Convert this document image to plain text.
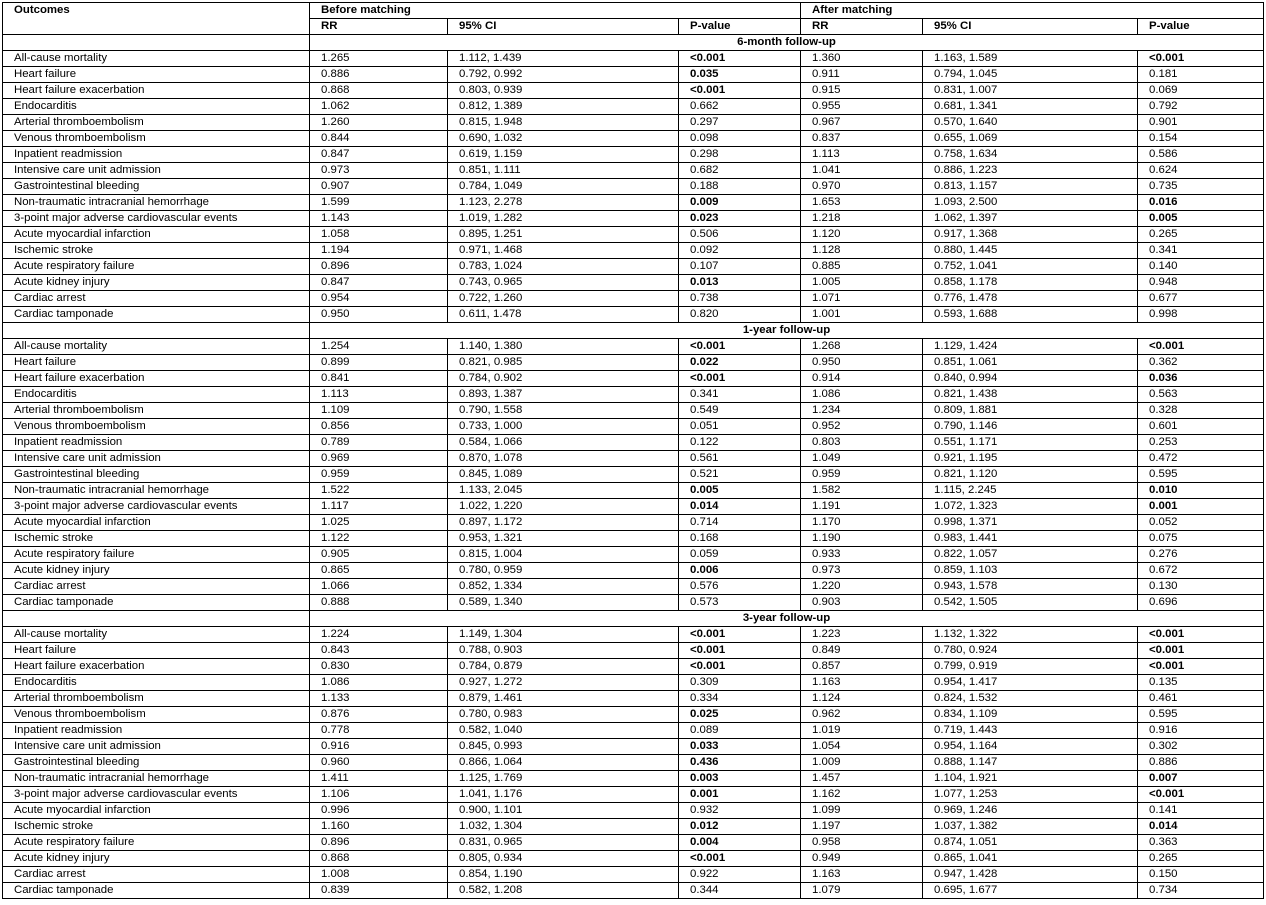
Outcomes	Before matching			After matching		
	RR	95% CI	P-value	RR	95% CI	P-value
	6-month follow-up					
All-cause mortality	1.265	1.112, 1.439	<0.001	1.360	1.163, 1.589	<0.001
Heart failure	0.886	0.792, 0.992	0.035	0.911	0.794, 1.045	0.181
Heart failure exacerbation	0.868	0.803, 0.939	<0.001	0.915	0.831, 1.007	0.069
Endocarditis	1.062	0.812, 1.389	0.662	0.955	0.681, 1.341	0.792
Arterial thromboembolism	1.260	0.815, 1.948	0.297	0.967	0.570, 1.640	0.901
Venous thromboembolism	0.844	0.690, 1.032	0.098	0.837	0.655, 1.069	0.154
Inpatient readmission	0.847	0.619, 1.159	0.298	1.113	0.758, 1.634	0.586
Intensive care unit admission	0.973	0.851, 1.111	0.682	1.041	0.886, 1.223	0.624
Gastrointestinal bleeding	0.907	0.784, 1.049	0.188	0.970	0.813, 1.157	0.735
Non-traumatic intracranial hemorrhage	1.599	1.123, 2.278	0.009	1.653	1.093, 2.500	0.016
3-point major adverse cardiovascular events	1.143	1.019, 1.282	0.023	1.218	1.062, 1.397	0.005
Acute myocardial infarction	1.058	0.895, 1.251	0.506	1.120	0.917, 1.368	0.265
Ischemic stroke	1.194	0.971, 1.468	0.092	1.128	0.880, 1.445	0.341
Acute respiratory failure	0.896	0.783, 1.024	0.107	0.885	0.752, 1.041	0.140
Acute kidney injury	0.847	0.743, 0.965	0.013	1.005	0.858, 1.178	0.948
Cardiac arrest	0.954	0.722, 1.260	0.738	1.071	0.776, 1.478	0.677
Cardiac tamponade	0.950	0.611, 1.478	0.820	1.001	0.593, 1.688	0.998
	1-year follow-up					
All-cause mortality	1.254	1.140, 1.380	<0.001	1.268	1.129, 1.424	<0.001
Heart failure	0.899	0.821, 0.985	0.022	0.950	0.851, 1.061	0.362
Heart failure exacerbation	0.841	0.784, 0.902	<0.001	0.914	0.840, 0.994	0.036
Endocarditis	1.113	0.893, 1.387	0.341	1.086	0.821, 1.438	0.563
Arterial thromboembolism	1.109	0.790, 1.558	0.549	1.234	0.809, 1.881	0.328
Venous thromboembolism	0.856	0.733, 1.000	0.051	0.952	0.790, 1.146	0.601
Inpatient readmission	0.789	0.584, 1.066	0.122	0.803	0.551, 1.171	0.253
Intensive care unit admission	0.969	0.870, 1.078	0.561	1.049	0.921, 1.195	0.472
Gastrointestinal bleeding	0.959	0.845, 1.089	0.521	0.959	0.821, 1.120	0.595
Non-traumatic intracranial hemorrhage	1.522	1.133, 2.045	0.005	1.582	1.115, 2.245	0.010
3-point major adverse cardiovascular events	1.117	1.022, 1.220	0.014	1.191	1.072, 1.323	0.001
Acute myocardial infarction	1.025	0.897, 1.172	0.714	1.170	0.998, 1.371	0.052
Ischemic stroke	1.122	0.953, 1.321	0.168	1.190	0.983, 1.441	0.075
Acute respiratory failure	0.905	0.815, 1.004	0.059	0.933	0.822, 1.057	0.276
Acute kidney injury	0.865	0.780, 0.959	0.006	0.973	0.859, 1.103	0.672
Cardiac arrest	1.066	0.852, 1.334	0.576	1.220	0.943, 1.578	0.130
Cardiac tamponade	0.888	0.589, 1.340	0.573	0.903	0.542, 1.505	0.696
	3-year follow-up					
All-cause mortality	1.224	1.149, 1.304	<0.001	1.223	1.132, 1.322	<0.001
Heart failure	0.843	0.788, 0.903	<0.001	0.849	0.780, 0.924	<0.001
Heart failure exacerbation	0.830	0.784, 0.879	<0.001	0.857	0.799, 0.919	<0.001
Endocarditis	1.086	0.927, 1.272	0.309	1.163	0.954, 1.417	0.135
Arterial thromboembolism	1.133	0.879, 1.461	0.334	1.124	0.824, 1.532	0.461
Venous thromboembolism	0.876	0.780, 0.983	0.025	0.962	0.834, 1.109	0.595
Inpatient readmission	0.778	0.582, 1.040	0.089	1.019	0.719, 1.443	0.916
Intensive care unit admission	0.916	0.845, 0.993	0.033	1.054	0.954, 1.164	0.302
Gastrointestinal bleeding	0.960	0.866, 1.064	0.436	1.009	0.888, 1.147	0.886
Non-traumatic intracranial hemorrhage	1.411	1.125, 1.769	0.003	1.457	1.104, 1.921	0.007
3-point major adverse cardiovascular events	1.106	1.041, 1.176	0.001	1.162	1.077, 1.253	<0.001
Acute myocardial infarction	0.996	0.900, 1.101	0.932	1.099	0.969, 1.246	0.141
Ischemic stroke	1.160	1.032, 1.304	0.012	1.197	1.037, 1.382	0.014
Acute respiratory failure	0.896	0.831, 0.965	0.004	0.958	0.874, 1.051	0.363
Acute kidney injury	0.868	0.805, 0.934	<0.001	0.949	0.865, 1.041	0.265
Cardiac arrest	1.008	0.854, 1.190	0.922	1.163	0.947, 1.428	0.150
Cardiac tamponade	0.839	0.582, 1.208	0.344	1.079	0.695, 1.677	0.734
